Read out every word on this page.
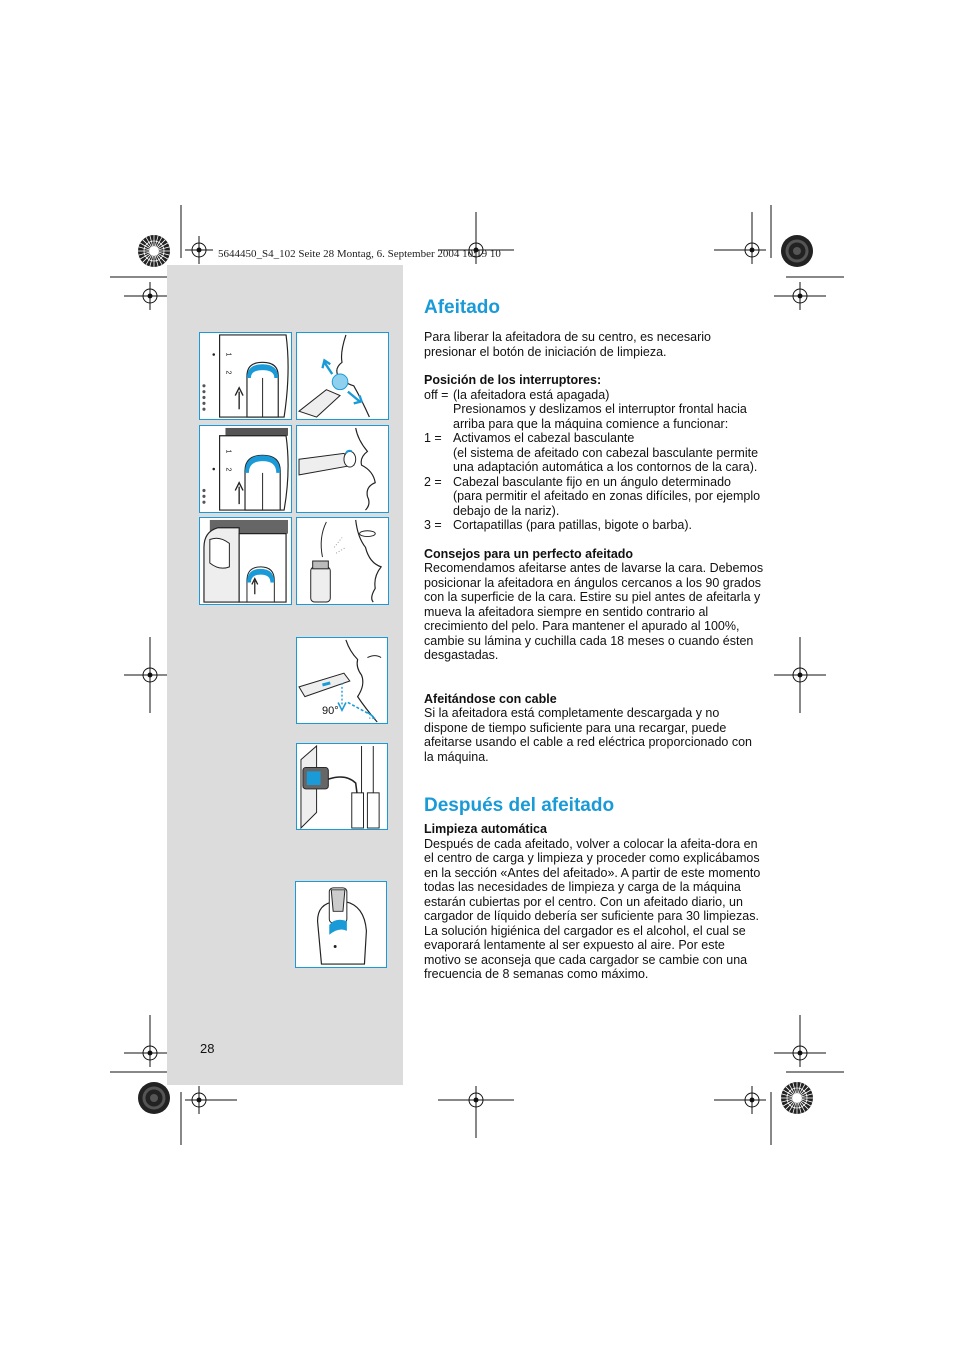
5644450_S4_102 Seite 28 Montag, 6. September 2004 10:19 10
1
2
1
2
90°
28
Afeitado

Para liberar la afeitadora de su centro, es necesario presionar el botón de iniciación de limpieza.

Posición de los interruptores:

off = (la afeitadora está apagada)

Presionamos y deslizamos el interruptor frontal hacia arriba para que la máquina comience a funcionar:

1 = Activamos el cabezal basculante

(el sistema de afeitado con cabezal basculante permite una adaptación automática a los contornos de la cara).

2 = Cabezal basculante fijo en un ángulo determinado

(para permitir el afeitado en zonas difíciles, por ejemplo debajo de la nariz).

3 = Cortapatillas (para patillas, bigote o barba).

Consejos para un perfecto afeitado

Recomendamos afeitarse antes de lavarse la cara. Debemos posicionar la afeitadora en ángulos cercanos a los 90 grados con la superficie de la cara. Estire su piel antes de afeitarla y mueva la afeitadora siempre en sentido contrario al crecimiento del pelo. Para mantener el apurado al 100%, cambie su lámina y cuchilla cada 18 meses o cuando ésten desgastadas.

Afeitándose con cable

Si la afeitadora está completamente descargada y no dispone de tiempo suficiente para una recargar, puede afeitarse usando el cable a red eléctrica proporcionado con la máquina.

Después del afeitado

Limpieza automática

Después de cada afeitado, volver a colocar la afeita-dora en el centro de carga y limpieza y proceder como explicábamos en la sección «Antes del afeitado». A partir de este momento todas las necesidades de limpieza y carga de la máquina estarán cubiertas por el centro. Con un afeitado diario, un cargador de líquido debería ser suficiente para 30 limpiezas.

La solución higiénica del cargador es el alcohol, el cual se evaporará lentamente al ser expuesto al aire. Por este motivo se aconseja que cada cargador se cambie con una frecuencia de 8 semanas como máximo.
